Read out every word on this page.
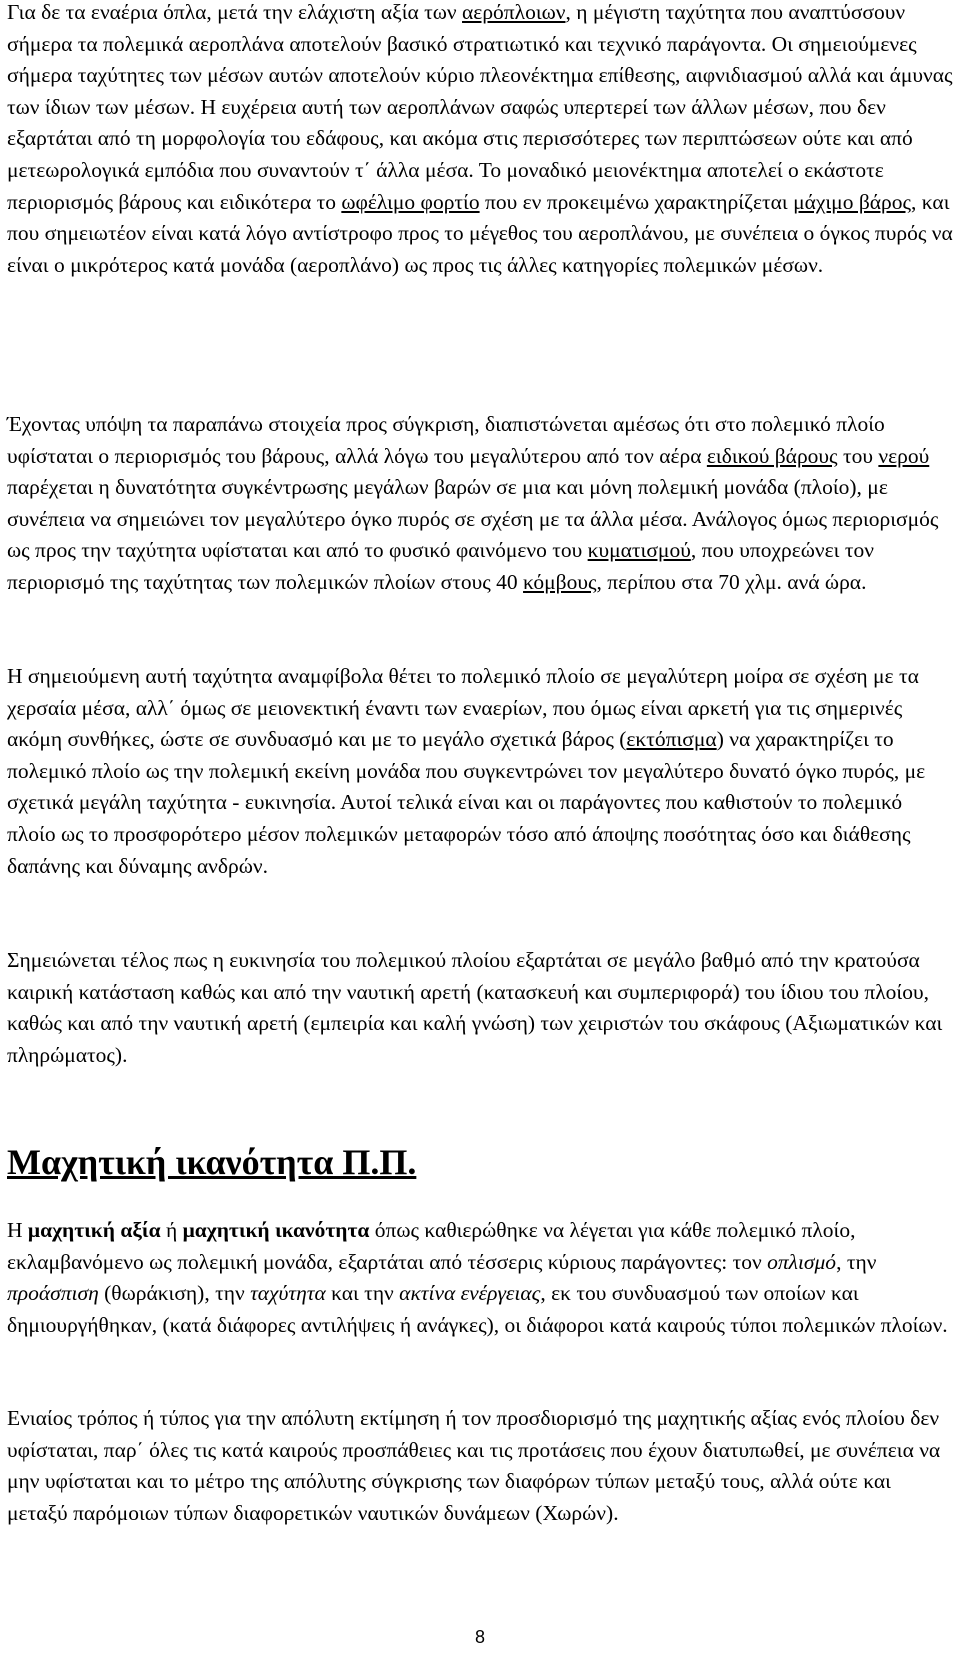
Για δε τα εναέρια όπλα, μετά την ελάχιστη αξία των αερόπλοιων, η μέγιστη ταχύτητα που αναπτύσσουν σήμερα τα πολεμικά αεροπλάνα αποτελούν βασικό στρατιωτικό και τεχνικό παράγοντα. Οι σημειούμενες σήμερα ταχύτητες των μέσων αυτών αποτελούν κύριο πλεονέκτημα επίθεσης, αιφνιδιασμού αλλά και άμυνας των ίδιων των μέσων. Η ευχέρεια αυτή των αεροπλάνων σαφώς υπερτερεί των άλλων μέσων, που δεν εξαρτάται από τη μορφολογία του εδάφους, και ακόμα στις περισσότερες των περιπτώσεων ούτε και από μετεωρολογικά εμπόδια που συναντούν τ΄ άλλα μέσα. Το μοναδικό μειονέκτημα αποτελεί ο εκάστοτε περιορισμός βάρους και ειδικότερα το ωφέλιμο φορτίο που εν προκειμένω χαρακτηρίζεται μάχιμο βάρος, και που σημειωτέον είναι κατά λόγο αντίστροφο προς το μέγεθος του αεροπλάνου, με συνέπεια ο όγκος πυρός να είναι ο μικρότερος κατά μονάδα (αεροπλάνο) ως προς τις άλλες κατηγορίες πολεμικών μέσων.

Έχοντας υπόψη τα παραπάνω στοιχεία προς σύγκριση, διαπιστώνεται αμέσως ότι στο πολεμικό πλοίο υφίσταται ο περιορισμός του βάρους, αλλά λόγω του μεγαλύτερου από τον αέρα ειδικού βάρους του νερού παρέχεται η δυνατότητα συγκέντρωσης μεγάλων βαρών σε μια και μόνη πολεμική μονάδα (πλοίο), με συνέπεια να σημειώνει τον μεγαλύτερο όγκο πυρός σε σχέση με τα άλλα μέσα. Ανάλογος όμως περιορισμός ως προς την ταχύτητα υφίσταται και από το φυσικό φαινόμενο του κυματισμού, που υποχρεώνει τον περιορισμό της ταχύτητας των πολεμικών πλοίων στους 40 κόμβους, περίπου στα 70 χλμ. ανά ώρα.

Η σημειούμενη αυτή ταχύτητα αναμφίβολα θέτει το πολεμικό πλοίο σε μεγαλύτερη μοίρα σε σχέση με τα χερσαία μέσα, αλλ΄ όμως σε μειονεκτική έναντι των εναερίων, που όμως είναι αρκετή για τις σημερινές ακόμη συνθήκες, ώστε σε συνδυασμό και με το μεγάλο σχετικά βάρος (εκτόπισμα) να χαρακτηρίζει το πολεμικό πλοίο ως την πολεμική εκείνη μονάδα που συγκεντρώνει τον μεγαλύτερο δυνατό όγκο πυρός, με σχετικά μεγάλη ταχύτητα - ευκινησία. Αυτοί τελικά είναι και οι παράγοντες που καθιστούν το πολεμικό πλοίο ως το προσφορότερο μέσον πολεμικών μεταφορών τόσο από άποψης ποσότητας όσο και διάθεσης δαπάνης και δύναμης ανδρών.

Σημειώνεται τέλος πως η ευκινησία του πολεμικού πλοίου εξαρτάται σε μεγάλο βαθμό από την κρατούσα καιρική κατάσταση καθώς και από την ναυτική αρετή (κατασκευή και συμπεριφορά) του ίδιου του πλοίου, καθώς και από την ναυτική αρετή (εμπειρία και καλή γνώση) των χειριστών του σκάφους (Αξιωματικών και πληρώματος).

Μαχητική ικανότητα Π.Π.

Η μαχητική αξία ή μαχητική ικανότητα όπως καθιερώθηκε να λέγεται για κάθε πολεμικό πλοίο, εκλαμβανόμενο ως πολεμική μονάδα, εξαρτάται από τέσσερις κύριους παράγοντες: τον οπλισμό, την προάσπιση (θωράκιση), την ταχύτητα και την ακτίνα ενέργειας, εκ του συνδυασμού των οποίων και δημιουργήθηκαν, (κατά διάφορες αντιλήψεις ή ανάγκες), οι διάφοροι κατά καιρούς τύποι πολεμικών πλοίων.

Ενιαίος τρόπος ή τύπος για την απόλυτη εκτίμηση ή τον προσδιορισμό της μαχητικής αξίας ενός πλοίου δεν υφίσταται, παρ΄ όλες τις κατά καιρούς προσπάθειες και τις προτάσεις που έχουν διατυπωθεί, με συνέπεια να μην υφίσταται και το μέτρο της απόλυτης σύγκρισης των διαφόρων τύπων μεταξύ τους, αλλά ούτε και μεταξύ παρόμοιων τύπων διαφορετικών ναυτικών δυνάμεων (Χωρών).

8
